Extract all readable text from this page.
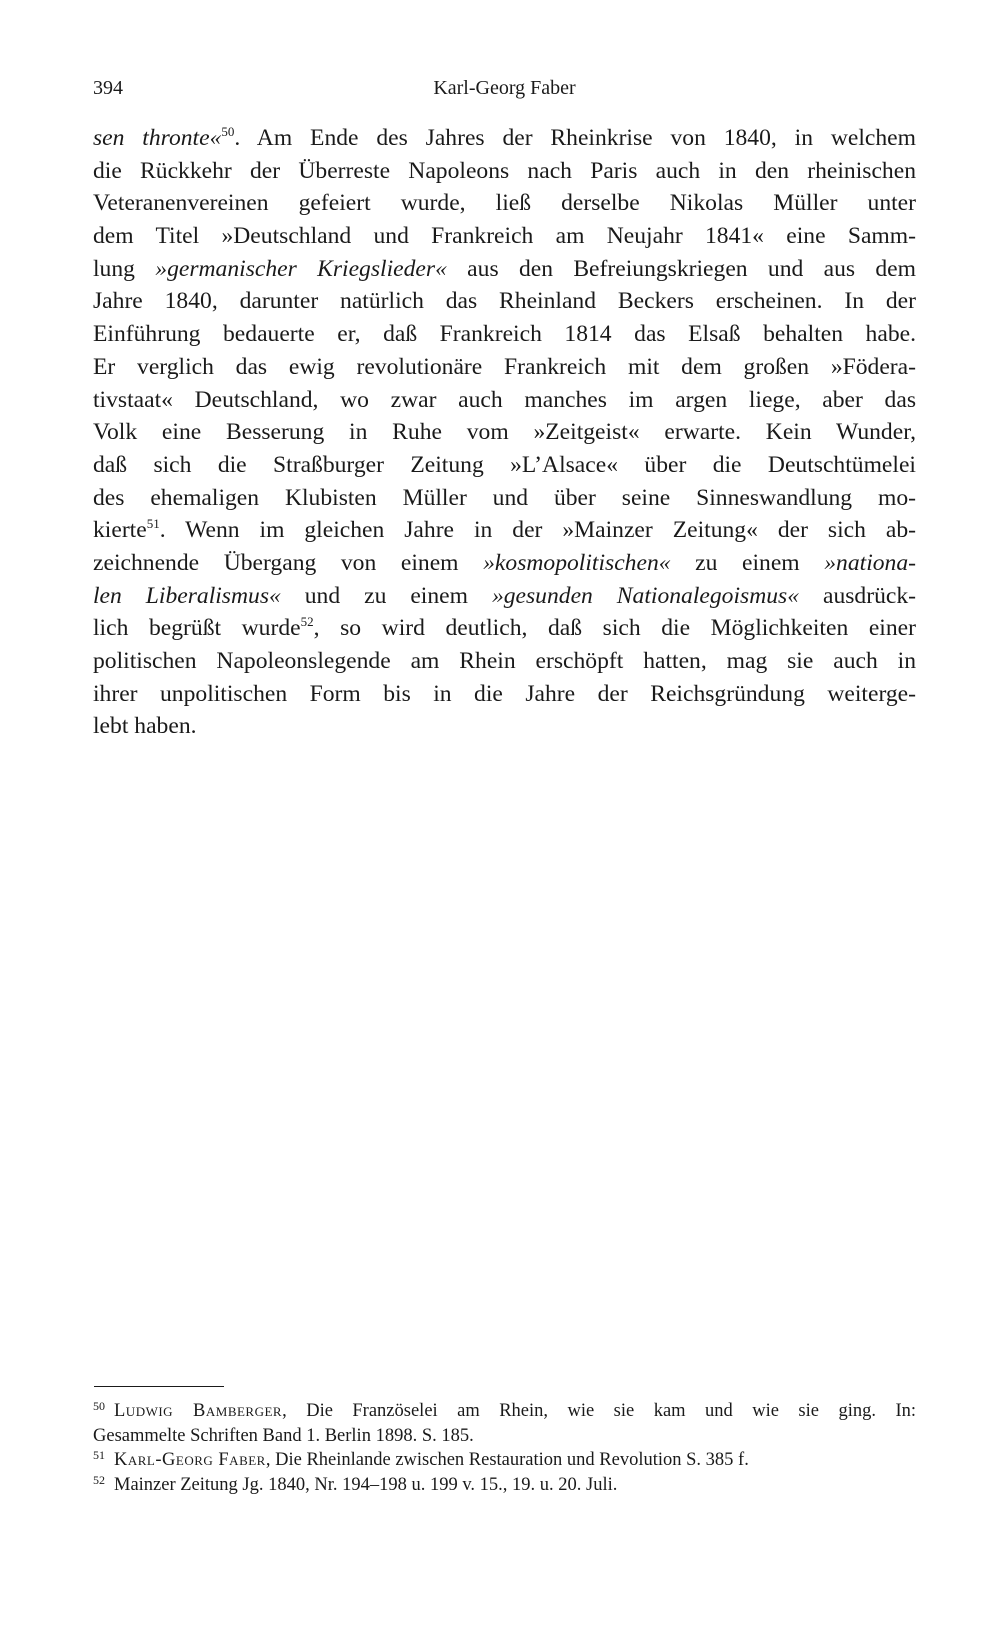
394	Karl-Georg Faber
sen thronte«$^{50}$. Am Ende des Jahres der Rheinkrise von 1840, in welchem
die Rückkehr der Überreste Napoleons nach Paris auch in den rheinischen
Veteranenvereinen gefeiert wurde, ließ derselbe Nikolas Müller unter
dem Titel »Deutschland und Frankreich am Neujahr 1841« eine Samm-
lung »germanischer Kriegslieder« aus den Befreiungskriegen und aus dem
Jahre 1840, darunter natürlich das Rheinland Beckers erscheinen. In der
Einführung bedauerte er, daß Frankreich 1814 das Elsaß behalten habe.
Er verglich das ewig revolutionäre Frankreich mit dem großen »Födera-
tivstaat« Deutschland, wo zwar auch manches im argen liege, aber das
Volk eine Besserung in Ruhe vom »Zeitgeist« erwarte. Kein Wunder,
daß sich die Straßburger Zeitung »L’Alsace« über die Deutschtümelei
des ehemaligen Klubisten Müller und über seine Sinneswandlung mo-
kierte$^{51}$. Wenn im gleichen Jahre in der »Mainzer Zeitung« der sich ab-
zeichnende Übergang von einem »kosmopolitischen« zu einem »nationa-
len Liberalismus« und zu einem »gesunden Nationalegoismus« ausdrück-
lich begrüßt wurde$^{52}$, so wird deutlich, daß sich die Möglichkeiten einer
politischen Napoleonslegende am Rhein erschöpft hatten, mag sie auch in
ihrer unpolitischen Form bis in die Jahre der Reichsgründung weiterge-
lebt haben.
$^{50}$ Ludwig Bamberger, Die Französelei am Rhein, wie sie kam und wie sie ging. In:
Gesammelte Schriften Band 1. Berlin 1898. S. 185.
$^{51}$ Karl-Georg Faber, Die Rheinlande zwischen Restauration und Revolution S. 385 f.
$^{52}$ Mainzer Zeitung Jg. 1840, Nr. 194–198 u. 199 v. 15., 19. u. 20. Juli.
